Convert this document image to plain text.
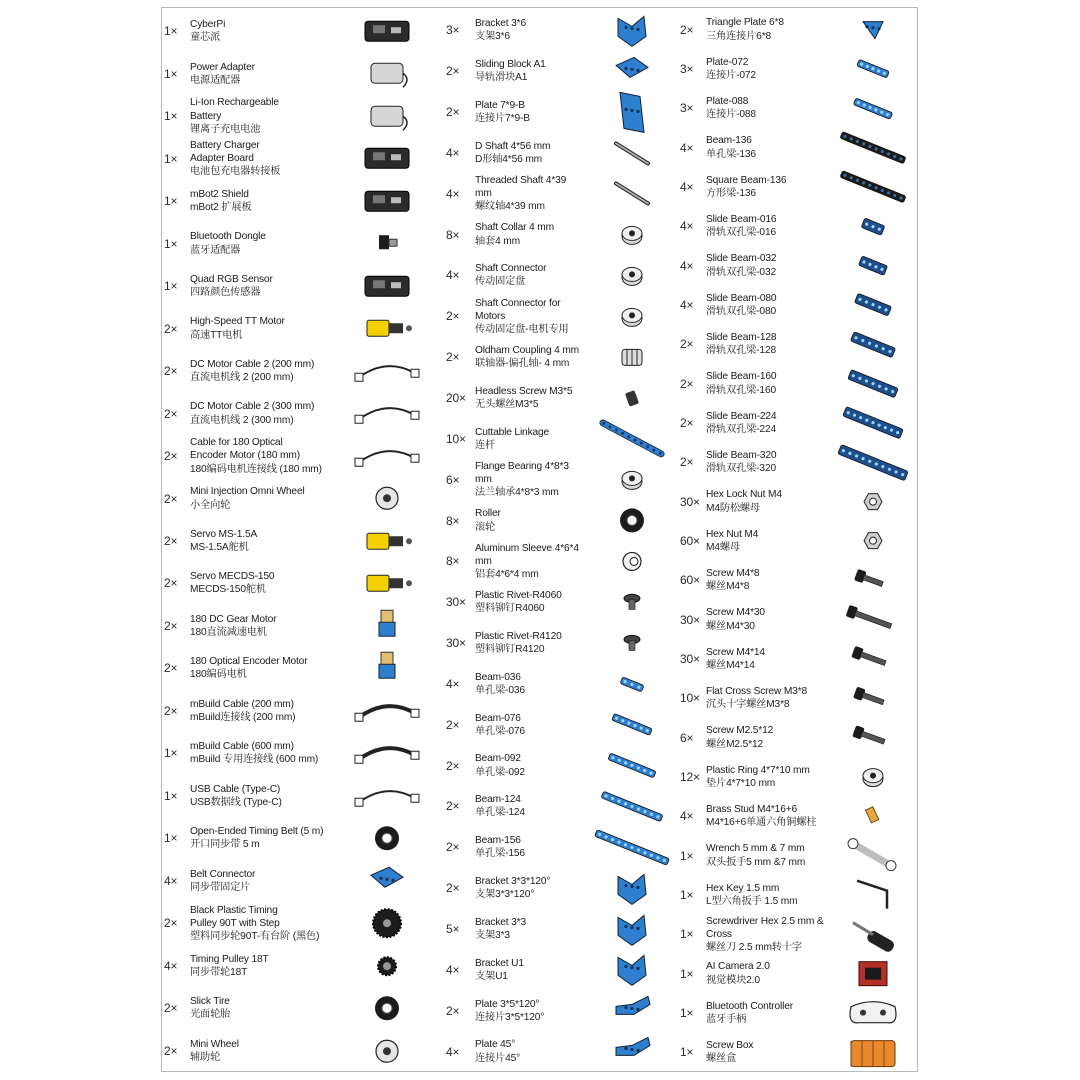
1× CyberPi
童芯派
1× Power Adapter
电源适配器
1×
Li-Ion Rechargeable
Battery
锂离子充电电池
1×
Battery Charger
Adapter Board
电池包充电器转接板
1× mBot2 Shield
mBot2 扩展板
1× Bluetooth Dongle
蓝牙适配器
1× Quad RGB Sensor
四路颜色传感器
2× High-Speed TT Motor
高速TT电机
2× DC Motor Cable 2 (200 mm)
直流电机线 2 (200 mm)
2× DC Motor Cable 2 (300 mm)
直流电机线 2 (300 mm)
2×
Cable for 180 Optical
Encoder Motor (180 mm)
180编码电机连接线 (180 mm)
2× Mini Injection Omni Wheel
小全向轮
2× Servo MS-1.5A
MS-1.5A舵机
2× Servo MECDS-150
MECDS-150舵机
2× 180 DC Gear Motor
180直流减速电机
2× 180 Optical Encoder Motor
180编码电机
2× mBuild Cable (200 mm)
mBuild连接线 (200 mm)
1× mBuild Cable (600 mm)
mBuild 专用连接线 (600 mm)
1× USB Cable (Type-C)
USB数据线 (Type-C)
1× Open-Ended Timing Belt (5 m)
开口同步带 5 m
4× Belt Connector
同步带固定片
2×
Black Plastic Timing
Pulley 90T with Step
塑料同步轮90T-有台阶 (黑色)
4× Timing Pulley 18T
同步带轮18T
2× Slick Tire
光面轮胎
2× Mini Wheel
辅助轮
3× Bracket 3*6
支架3*6
2× Sliding Block A1
导轨滑块A1
2× Plate 7*9-B
连接片7*9-B
4× D Shaft 4*56 mm
D形轴4*56 mm
4×
Threaded Shaft 4*39 mm
螺纹轴4*39 mm
8× Shaft Collar 4 mm
轴套4 mm
4× Shaft Connector
传动固定盘
2×
Shaft Connector for Motors
传动固定盘-电机专用
2× Oldham Coupling 4 mm
联轴器-偏孔轴- 4 mm
20× Headless Screw M3*5
无头螺丝M3*5
10× Cuttable Linkage
连杆
6×
Flange Bearing 4*8*3 mm
法兰轴承4*8*3 mm
8× Roller
滚轮
8×
Aluminum Sleeve 4*6*4 mm
铝套4*6*4 mm
30× Plastic Rivet-R4060
塑料铆钉R4060
30× Plastic Rivet-R4120
塑料铆钉R4120
4× Beam-036
单孔梁-036
2× Beam-076
单孔梁-076
2× Beam-092
单孔梁-092
2× Beam-124
单孔梁-124
2× Beam-156
单孔梁-156
2× Bracket 3*3*120°
支架3*3*120°
5× Bracket 3*3
支架3*3
4× Bracket U1
支架U1
2× Plate 3*5*120°
连接片3*5*120°
4× Plate 45°
连接片45°
2× Triangle Plate 6*8
三角连接片6*8
3× Plate-072
连接片-072
3× Plate-088
连接片-088
4× Beam-136
单孔梁-136
4× Square Beam-136
方形梁-136
4× Slide Beam-016
滑轨双孔梁-016
4× Slide Beam-032
滑轨双孔梁-032
4× Slide Beam-080
滑轨双孔梁-080
2× Slide Beam-128
滑轨双孔梁-128
2× Slide Beam-160
滑轨双孔梁-160
2× Slide Beam-224
滑轨双孔梁-224
2× Slide Beam-320
滑轨双孔梁-320
30× Hex Lock Nut M4
M4防松螺母
60× Hex Nut M4
M4螺母
60× Screw M4*8
螺丝M4*8
30× Screw M4*30
螺丝M4*30
30× Screw M4*14
螺丝M4*14
10× Flat Cross Screw M3*8
沉头十字螺丝M3*8
6× Screw M2.5*12
螺丝M2.5*12
12× Plastic Ring 4*7*10 mm
垫片4*7*10 mm
4× Brass Stud M4*16+6
M4*16+6单通六角铜螺柱
1× Wrench 5 mm & 7 mm
双头扳手5 mm &7 mm
1× Hex Key 1.5 mm
L型六角扳手 1.5 mm
1×
Screwdriver Hex 2.5 mm & Cross
螺丝刀 2.5 mm转十字
1× AI Camera 2.0
视觉模块2.0
1× Bluetooth Controller
蓝牙手柄
1× Screw Box
螺丝盒
